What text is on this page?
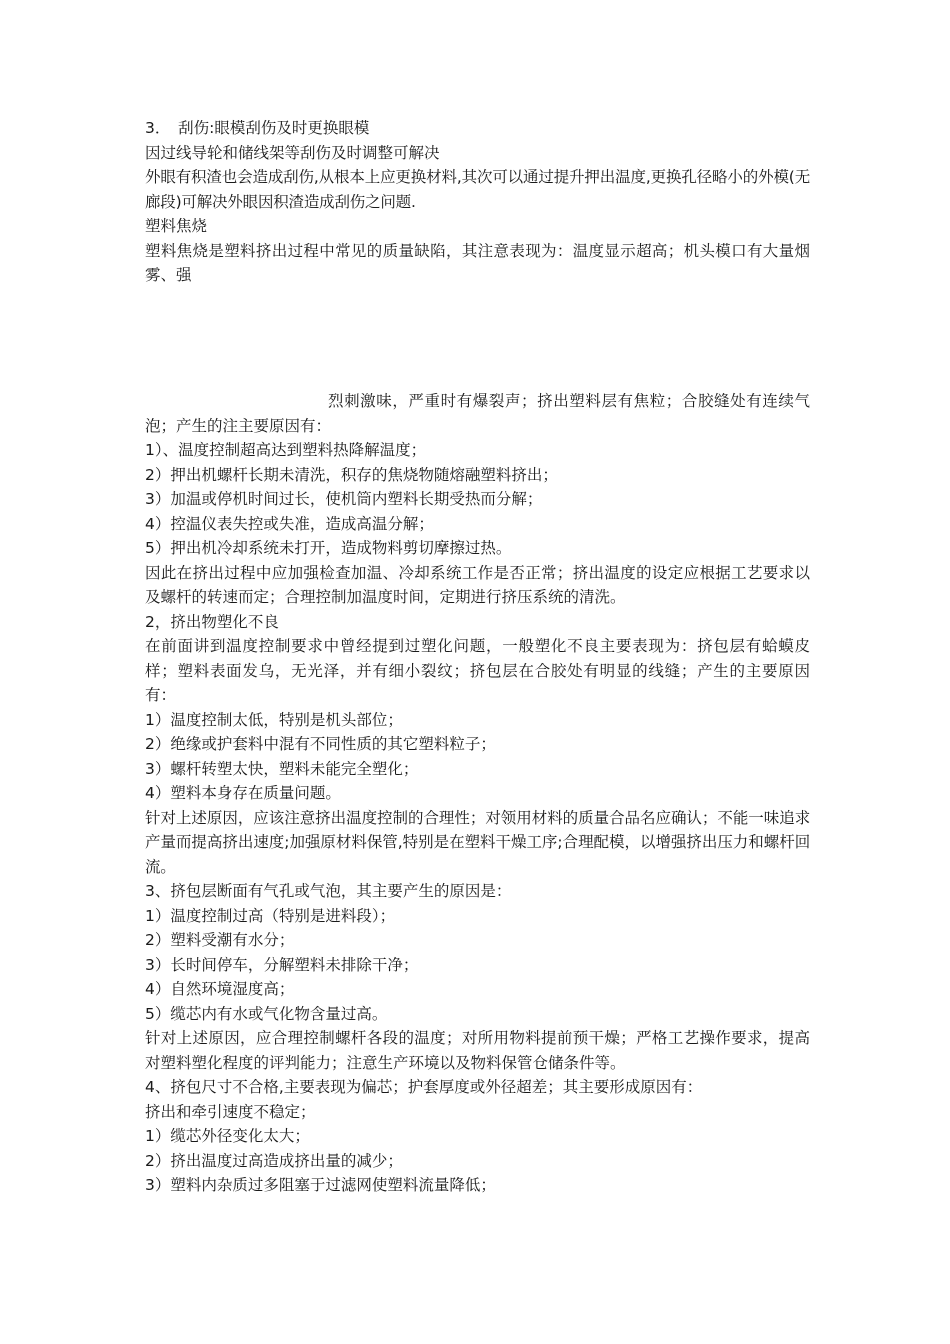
3．　刮伤:眼模刮伤及时更换眼模
因过线导轮和储线架等刮伤及时调整可解决
外眼有积渣也会造成刮伤,从根本上应更换材料,其次可以通过提升押出温度,更换孔径略小的外模(无廊段)可解决外眼因积渣造成刮伤之问题.
塑料焦烧
塑料焦烧是塑料挤出过程中常见的质量缺陷，其注意表现为：温度显示超高；机头模口有大量烟雾、强
烈刺激味，严重时有爆裂声；挤出塑料层有焦粒；合胶缝处有连续气泡；产生的注主要原因有：
1）、温度控制超高达到塑料热降解温度；
2）押出机螺杆长期未清洗，积存的焦烧物随熔融塑料挤出；
3）加温或停机时间过长，使机筒内塑料长期受热而分解；
4）控温仪表失控或失准，造成高温分解；
5）押出机冷却系统未打开，造成物料剪切摩擦过热。
因此在挤出过程中应加强检查加温、冷却系统工作是否正常；挤出温度的设定应根据工艺要求以及螺杆的转速而定；合理控制加温度时间，定期进行挤压系统的清洗。
2，挤出物塑化不良
在前面讲到温度控制要求中曾经提到过塑化问题，一般塑化不良主要表现为：挤包层有蛤蟆皮样；塑料表面发乌，无光泽，并有细小裂纹；挤包层在合胶处有明显的线缝；产生的主要原因有：
1）温度控制太低，特别是机头部位；
2）绝缘或护套料中混有不同性质的其它塑料粒子；
3）螺杆转塑太快，塑料未能完全塑化；
4）塑料本身存在质量问题。
针对上述原因，应该注意挤出温度控制的合理性；对领用材料的质量合品名应确认；不能一味追求产量而提高挤出速度;加强原材料保管,特别是在塑料干燥工序;合理配模，以增强挤出压力和螺杆回流。
3、挤包层断面有气孔或气泡，其主要产生的原因是：
1）温度控制过高（特别是进料段）；
2）塑料受潮有水分；
3）长时间停车，分解塑料未排除干净；
4）自然环境湿度高；
5）缆芯内有水或气化物含量过高。
针对上述原因，应合理控制螺杆各段的温度；对所用物料提前预干燥；严格工艺操作要求，提高对塑料塑化程度的评判能力；注意生产环境以及物料保管仓储条件等。
4、挤包尺寸不合格,主要表现为偏芯；护套厚度或外径超差；其主要形成原因有：
挤出和牵引速度不稳定；
1）缆芯外径变化太大；
2）挤出温度过高造成挤出量的减少；
3）塑料内杂质过多阻塞于过滤网使塑料流量降低；
